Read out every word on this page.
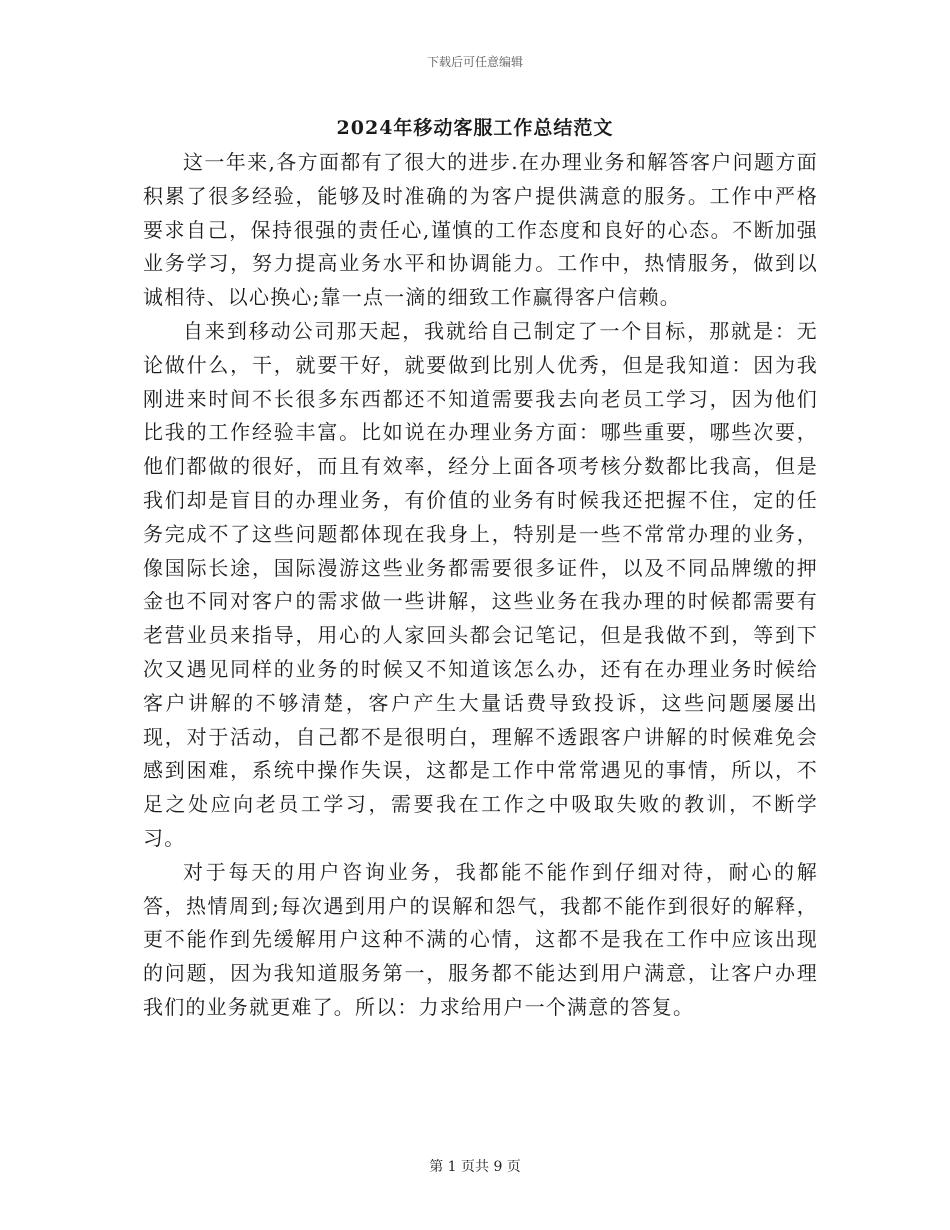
下载后可任意编辑
2024年移动客服工作总结范文

这一年来,各方面都有了很大的进步.在办理业务和解答客户问题方面积累了很多经验，能够及时准确的为客户提供满意的服务。工作中严格要求自己，保持很强的责任心,谨慎的工作态度和良好的心态。不断加强业务学习，努力提高业务水平和协调能力。工作中，热情服务，做到以诚相待、以心换心;靠一点一滴的细致工作赢得客户信赖。

自来到移动公司那天起，我就给自己制定了一个目标，那就是：无论做什么，干，就要干好，就要做到比别人优秀，但是我知道：因为我刚进来时间不长很多东西都还不知道需要我去向老员工学习，因为他们比我的工作经验丰富。比如说在办理业务方面：哪些重要，哪些次要，他们都做的很好，而且有效率，经分上面各项考核分数都比我高，但是我们却是盲目的办理业务，有价值的业务有时候我还把握不住，定的任务完成不了这些问题都体现在我身上，特别是一些不常常办理的业务，像国际长途，国际漫游这些业务都需要很多证件，以及不同品牌缴的押金也不同对客户的需求做一些讲解，这些业务在我办理的时候都需要有老营业员来指导，用心的人家回头都会记笔记，但是我做不到，等到下次又遇见同样的业务的时候又不知道该怎么办，还有在办理业务时候给客户讲解的不够清楚，客户产生大量话费导致投诉，这些问题屡屡出现，对于活动，自己都不是很明白，理解不透跟客户讲解的时候难免会感到困难，系统中操作失误，这都是工作中常常遇见的事情，所以，不足之处应向老员工学习，需要我在工作之中吸取失败的教训，不断学习。

对于每天的用户咨询业务，我都能不能作到仔细对待，耐心的解答，热情周到;每次遇到用户的误解和怨气，我都不能作到很好的解释，更不能作到先缓解用户这种不满的心情，这都不是我在工作中应该出现的问题，因为我知道服务第一，服务都不能达到用户满意，让客户办理我们的业务就更难了。所以：力求给用户一个满意的答复。

第 1 页共 9 页
